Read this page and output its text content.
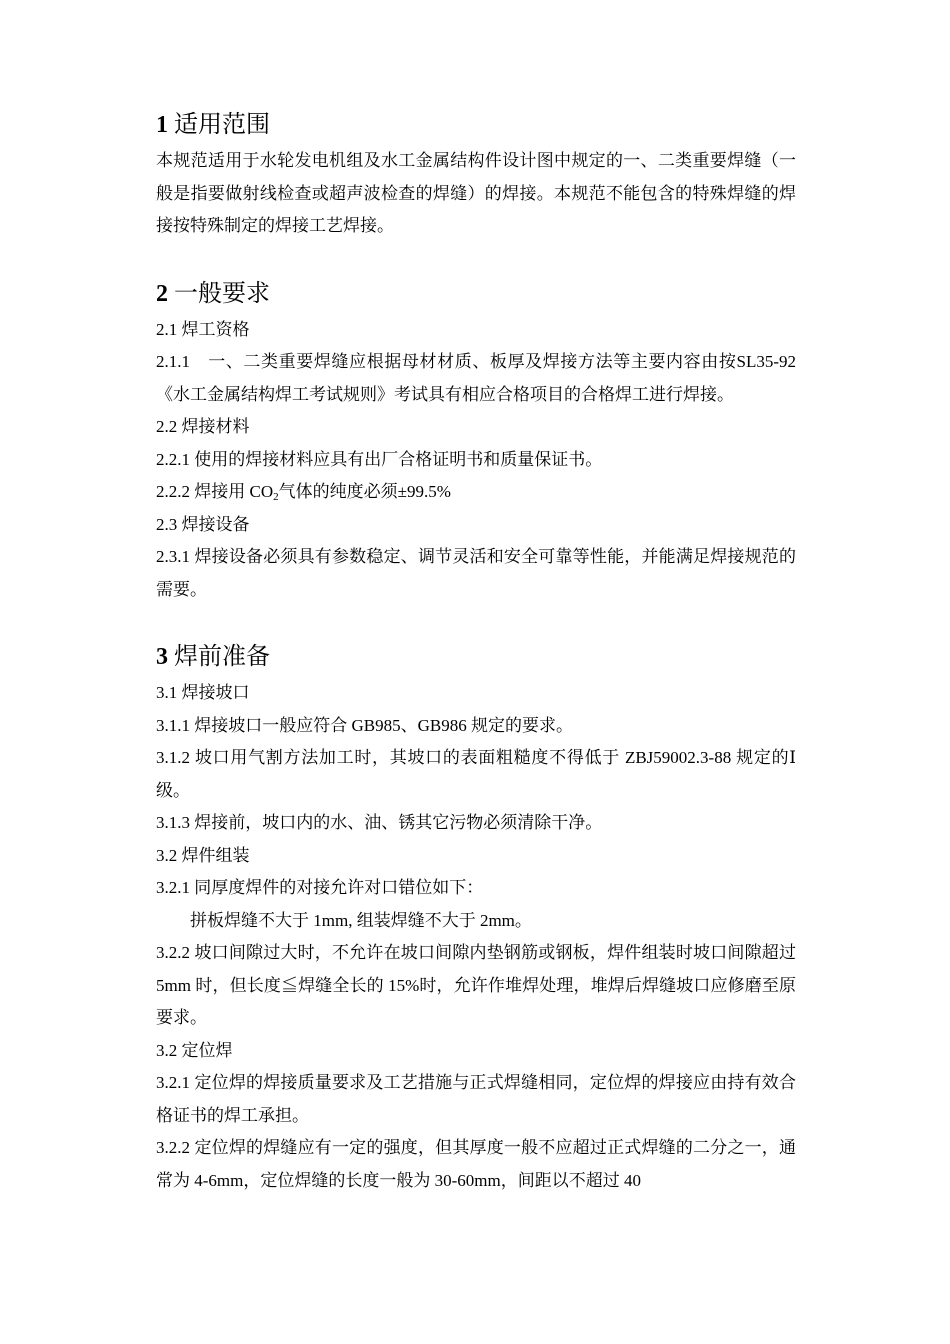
1 适用范围

本规范适用于水轮发电机组及水工金属结构件设计图中规定的一、二类重要焊缝（一般是指要做射线检查或超声波检查的焊缝）的焊接。本规范不能包含的特殊焊缝的焊接按特殊制定的焊接工艺焊接。

2 一般要求

2.1 焊工资格

2.1.1　一、二类重要焊缝应根据母材材质、板厚及焊接方法等主要内容由按SL35-92《水工金属结构焊工考试规则》考试具有相应合格项目的合格焊工进行焊接。

2.2 焊接材料

2.2.1 使用的焊接材料应具有出厂合格证明书和质量保证书。

2.2.2 焊接用 $CO_2$气体的纯度必须±99.5%

2.3 焊接设备

2.3.1 焊接设备必须具有参数稳定、调节灵活和安全可靠等性能，并能满足焊接规范的需要。

3 焊前准备

3.1 焊接坡口

3.1.1 焊接坡口一般应符合 GB985、GB986 规定的要求。

3.1.2 坡口用气割方法加工时，其坡口的表面粗糙度不得低于 ZBJ59002.3-88 规定的Ⅰ级。

3.1.3 焊接前，坡口内的水、油、锈其它污物必须清除干净。

3.2 焊件组装

3.2.1 同厚度焊件的对接允许对口错位如下：

拼板焊缝不大于 1mm, 组装焊缝不大于 2mm。

3.2.2 坡口间隙过大时，不允许在坡口间隙内垫钢筋或钢板，焊件组装时坡口间隙超过 5mm 时，但长度≦焊缝全长的 15%时，允许作堆焊处理，堆焊后焊缝坡口应修磨至原要求。

3.2 定位焊

3.2.1 定位焊的焊接质量要求及工艺措施与正式焊缝相同，定位焊的焊接应由持有效合格证书的焊工承担。

3.2.2 定位焊的焊缝应有一定的强度，但其厚度一般不应超过正式焊缝的二分之一，通常为 4-6mm，定位焊缝的长度一般为 30-60mm，间距以不超过 40
